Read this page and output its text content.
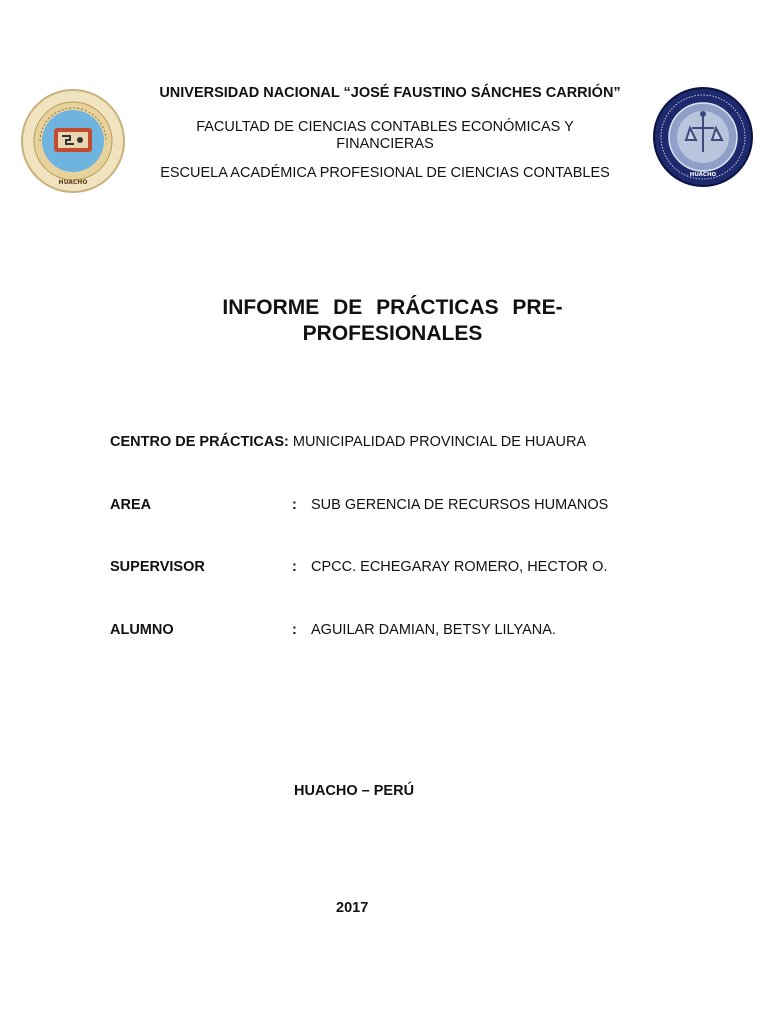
HUACHO
HUACHO
UNIVERSIDAD NACIONAL “JOSÉ FAUSTINO SÁNCHES CARRIÓN”
FACULTAD DE CIENCIAS CONTABLES ECONÓMICAS Y FINANCIERAS
ESCUELA ACADÉMICA PROFESIONAL DE CIENCIAS CONTABLES
INFORME DE PRÁCTICAS PRE-
PROFESIONALES
CENTRO DE PRÁCTICAS: MUNICIPALIDAD PROVINCIAL DE HUAURA
AREA	: SUB GERENCIA DE RECURSOS HUMANOS
SUPERVISOR	: CPCC. ECHEGARAY ROMERO, HECTOR O.
ALUMNO	: AGUILAR DAMIAN, BETSY LILYANA.
HUACHO – PERÚ
2017
